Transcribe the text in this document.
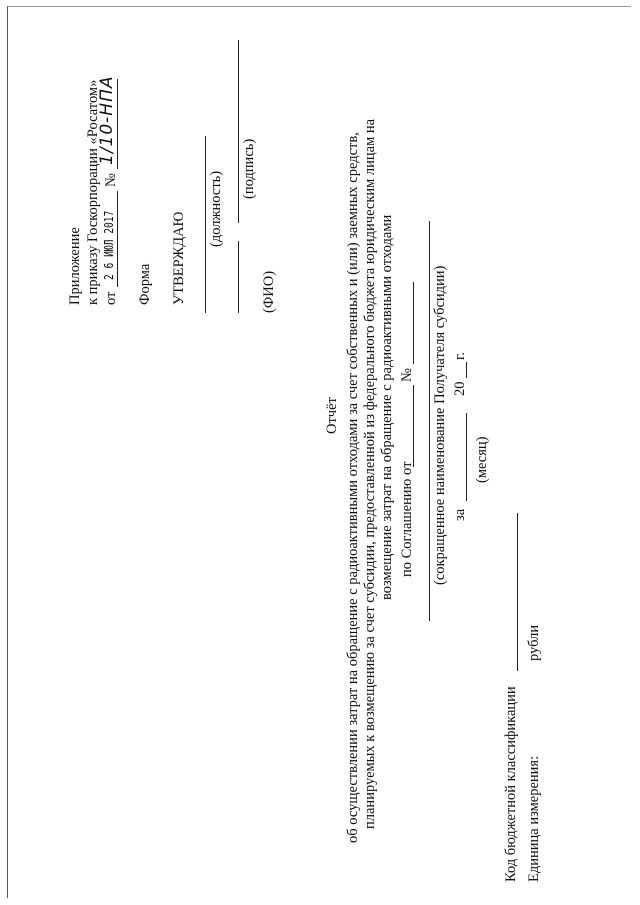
Приложение к приказу Госкорпорации «Росатом» от
2 6 ИЮЛ 2017
№
1/10-НПА
Форма УТВЕРЖДАЮ
(должность)
(подпись)
(ФИО)
Отчёт об осуществлении затрат на обращение с радиоактивными отходами за счет собственных и (или) заемных средств, планируемых к возмещению за счет субсидии, предоставленной из федерального бюджета юридическим лицам на возмещение затрат на обращение с радиоактивными отходами по Соглашению от
№ (сокращенное наименование Получателя субсидии) за
20
г.
(месяц)
Код бюджетной классификации Единица измерения:
рубли
